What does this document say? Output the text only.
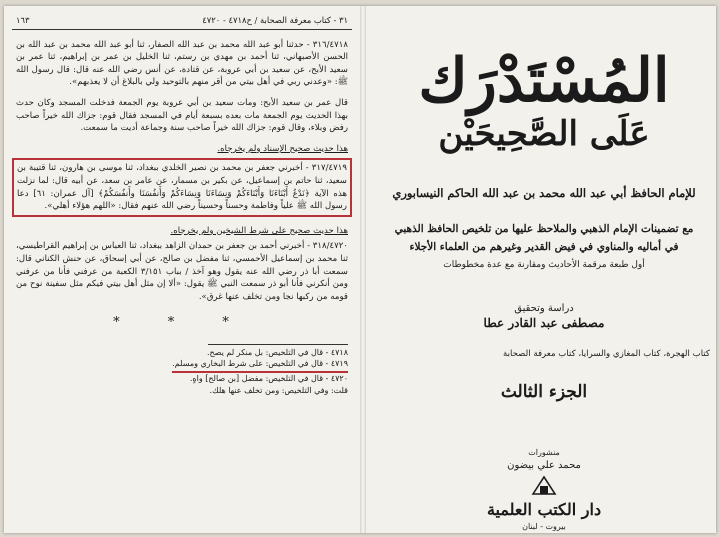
٣١ - كتاب معرفة الصحابة / ح٤٧١٨ - ٤٧٢٠
١٦٣

٣١٦/٤٧١٨ - حدثنا أبو عبد الله محمد بن عبد الله الصفار، ثنا أبو عبد الله محمد بن عبد الله بن الحسن الأصبهاني، ثنا أحمد بن مهدي بن رستم، ثنا الخليل بن عمر بن إبراهيم، ثنا عمر بن سعيد الأبح، عن سعيد بن أبي عروبة، عن قتادة، عن أنس رضي الله عنه قال: قال رسول الله ﷺ: «وعدني ربي في أهل بيتي من أقر منهم بالتوحيد ولي بالبلاغ أن لا يعذبهم».

قال عمر بن سعيد الأبح: ومات سعيد بن أبي عروبة يوم الجمعة فدخلت المسجد وكان حدث بهذا الحديث يوم الجمعة مات بعده بسبعة أيام في المسجد فقال قوم: جزاك الله خيراً صاحب رفض وبلاء، وقال قوم: جزاك الله خيراً صاحب سنة وجماعة أديت ما سمعت.

هذا حديث صحيح الإسناد ولم يخرجاه.

٣١٧/٤٧١٩ - أخبرني جعفر بن محمد بن نصير الخلدي ببغداد، ثنا موسى بن هارون، ثنا قتيبة بن سعيد، ثنا حاتم بن إسماعيل، عن بكير بن مسمار، عن عامر بن سعد، عن أبيه قال: لما نزلت هذه الآية ﴿نَدْعُ أَبْنَاءَنَا وَأَبْنَاءَكُمْ وَنِسَاءَنَا وَنِسَاءَكُمْ وَأَنفُسَنَا وأَنفُسَكُمْ﴾ [آل عمران: ٦١] دعا رسول الله ﷺ علياً وفاطمة وحسناً وحسيناً رضي الله عنهم فقال: «اللهم هؤلاء أهلي».

هذا حديث صحيح على شرط الشيخين ولم يخرجاه.

٣١٨/٤٧٢٠ - أخبرني أحمد بن جعفر بن حمدان الزاهد ببغداد، ثنا العباس بن إبراهيم القراطيسي، ثنا محمد بن إسماعيل الأحمسي، ثنا مفضل بن صالح، عن أبي إسحاق، عن حنش الكناني قال: سمعت أبا ذر رضي الله عنه يقول وهو آخذ / بباب ٣/١٥١ الكعبة من عرفني فأنا من عرفني ومن أنكرني فأنا أبو ذر سمعت النبي ﷺ يقول: «ألا إن مثل أهل بيتي فيكم مثل سفينة نوح من قومه من ركبها نجا ومن تخلف عنها غرق».

* * *

٤٧١٨ - قال في التلخيص: بل منكر لم يصح.

٤٧١٩ - قال في التلخيص: على شرط البخاري ومسلم.

٤٧٢٠ - قال في التلخيص: مفضل [بن صالح] واهٍ.

قلت: وفي التلخيص: ومن تخلف عنها هلك.

المُسْتَدْرَك
عَلَى الصَّحِيحَيْن
للإمام الحافظ أبي عبد الله محمد بن عبد الله الحاكم النيسابوري

مع تضمينات الإمام الذهبي والملاحظ عليها من تلخيص الحافظ الذهبي

في أماليه والمناوي في فيض القدير وغيرهم من العلماء الأجلاء

أول طبعة مرقمة الأحاديث ومقارنة مع عدة مخطوطات

دراسة وتحقيق
مصطفى عبد القادر عطا
كتاب الهجرة، كتاب المغازي والسرايا، كتاب معرفة الصحابة
الجزء الثالث
منشورات
محمد علي بيضون
دار الكتب العلمية
بيروت - لبنان
